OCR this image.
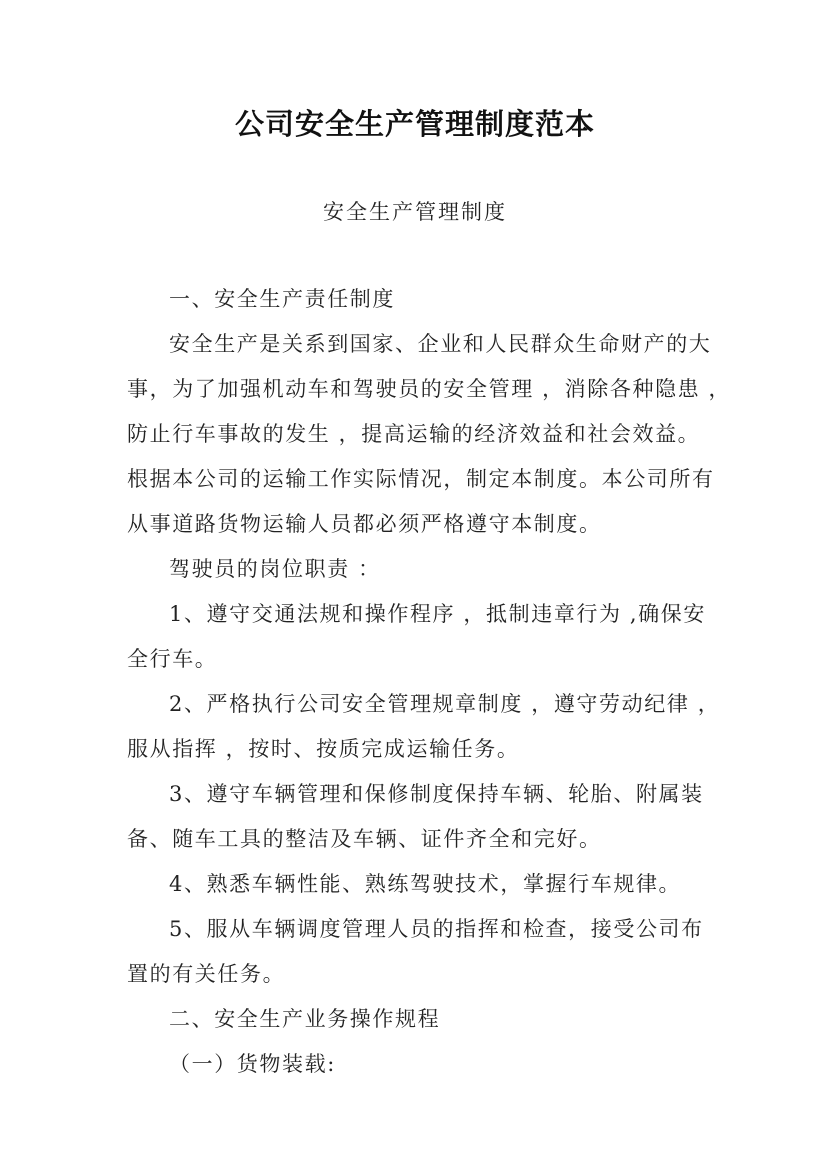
公司安全生产管理制度范本
安全生产管理制度
一、安全生产责任制度
安全生产是关系到国家、企业和人民群众生命财产的大
事，为了加强机动车和驾驶员的安全管理 ，消除各种隐患 ，
防止行车事故的发生 ，提高运输的经济效益和社会效益。
根据本公司的运输工作实际情况，制定本制度。本公司所有
从事道路货物运输人员都必须严格遵守本制度。
驾驶员的岗位职责 ：
1、遵守交通法规和操作程序 ，抵制违章行为 ,确保安
全行车。
2、严格执行公司安全管理规章制度 ，遵守劳动纪律 ，
服从指挥 ，按时、按质完成运输任务。
3、遵守车辆管理和保修制度保持车辆、轮胎、附属装
备、随车工具的整洁及车辆、证件齐全和完好。
4、熟悉车辆性能、熟练驾驶技术，掌握行车规律。
5、服从车辆调度管理人员的指挥和检查，接受公司布
置的有关任务。
二、安全生产业务操作规程
（一）货物装载:
